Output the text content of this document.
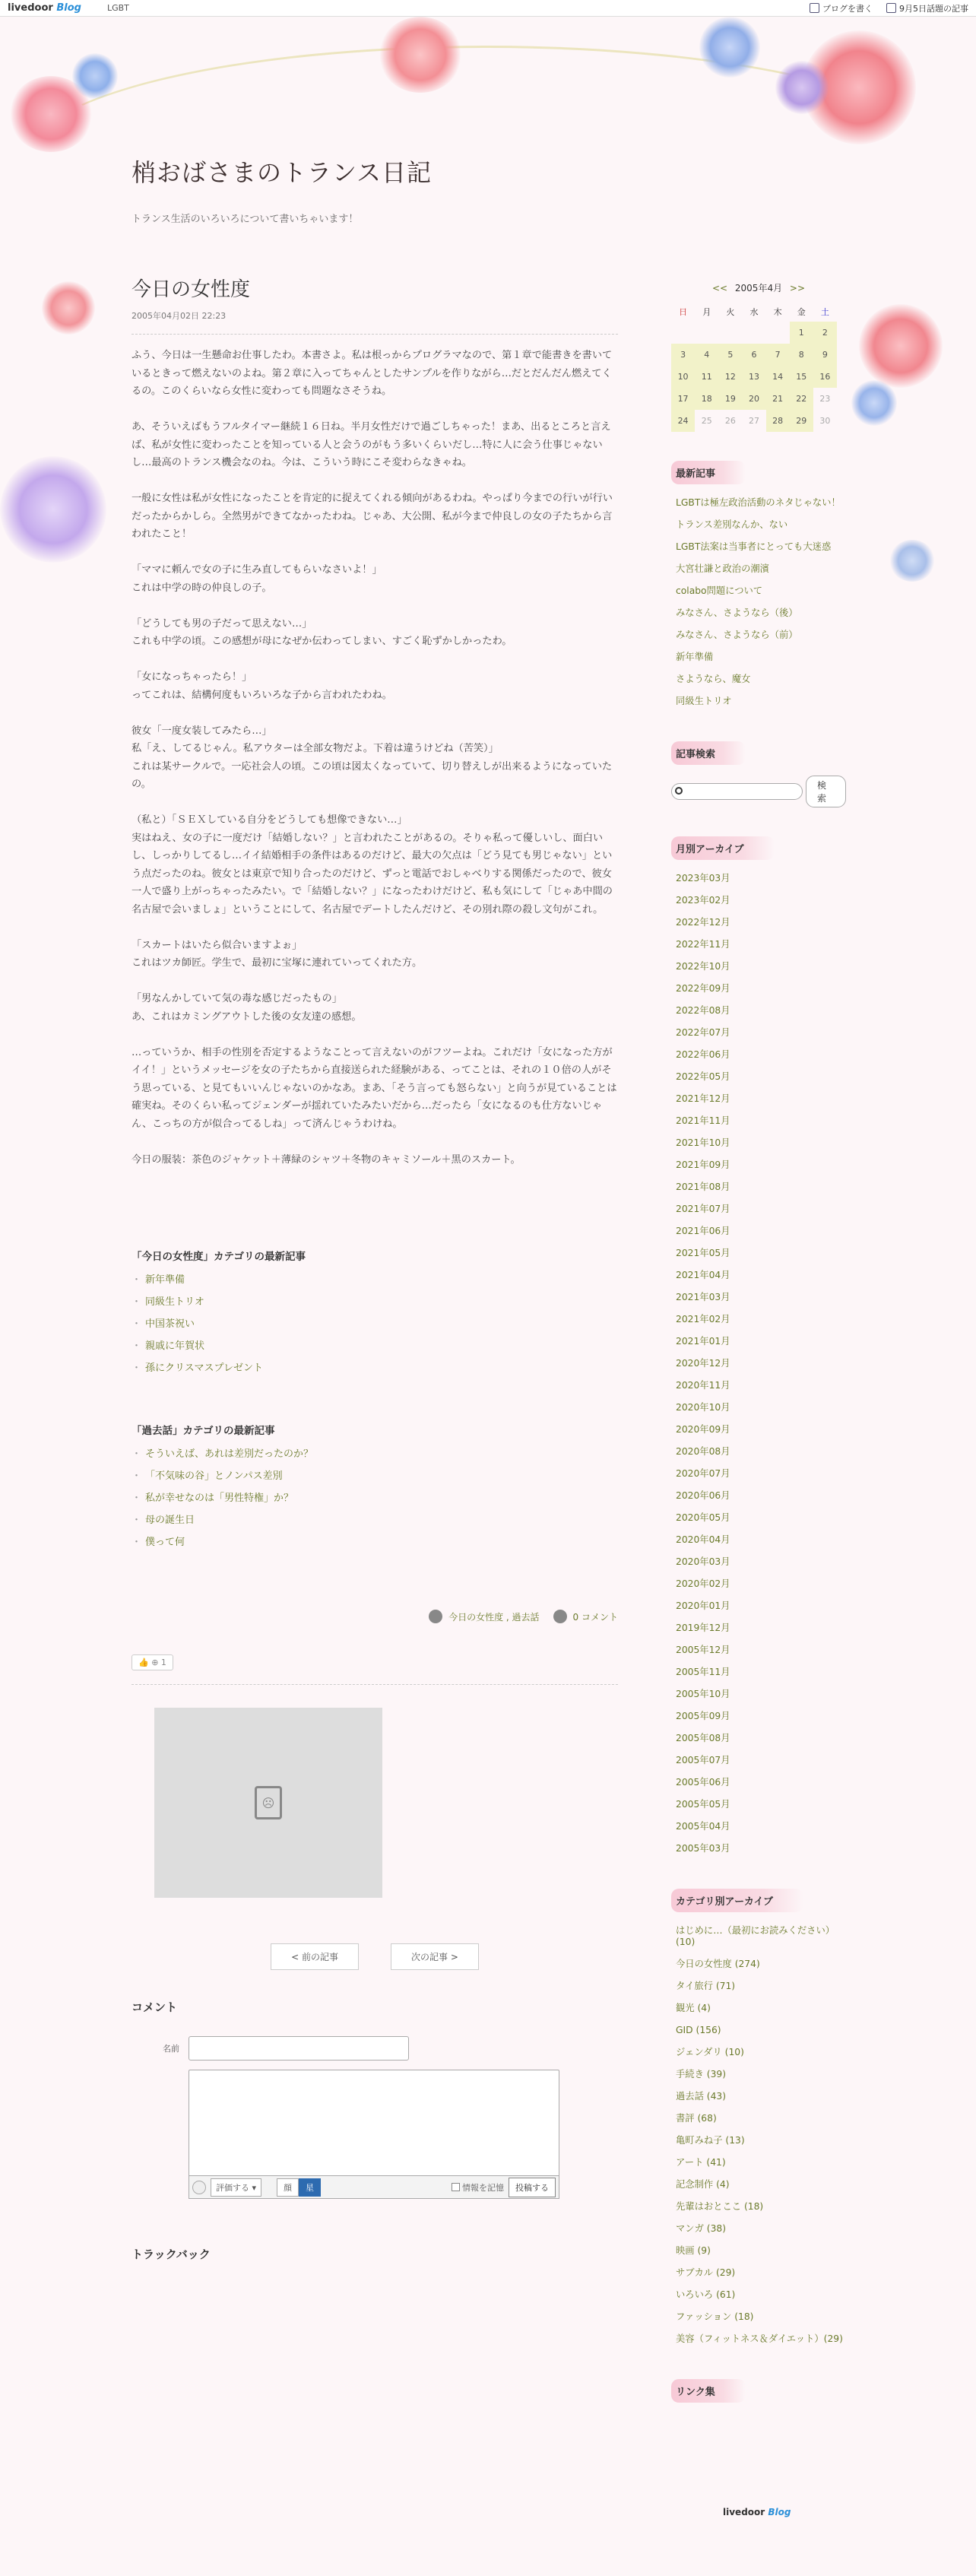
livedoor Blog	LGBT	ブログを書く	9月5日話題の記事
梢おばさまのトランス日記
トランス生活のいろいろについて書いちゃいます！
今日の女性度
2005年04月02日 22:23

ふう、今日は一生懸命お仕事したわ。本書さよ。私は根っからプログラマなので、第１章で能書きを書いているときって燃えないのよね。第２章に入ってちゃんとしたサンプルを作りながら…だとだんだん燃えてくるの。このくらいなら女性に変わっても問題なさそうね。

あ、そういえばもうフルタイマー継続１６日ね。半月女性だけで過ごしちゃった！まあ、出るところと言えば、私が女性に変わったことを知っている人と会うのがもう多いくらいだし…特に人に会う仕事じゃないし…最高のトランス機会なのね。今は、こういう時にこそ変わらなきゃね。

一般に女性は私が女性になったことを肯定的に捉えてくれる傾向があるわね。やっぱり今までの行いが行いだったからかしら。全然男ができてなかったわね。じゃあ、大公開、私が今まで仲良しの女の子たちから言われたこと！

「ママに頼んで女の子に生み直してもらいなさいよ！」
これは中学の時の仲良しの子。

「どうしても男の子だって思えない…」
これも中学の頃。この感想が母になぜか伝わってしまい、すごく恥ずかしかったわ。

「女になっちゃったら！」
ってこれは、結構何度もいろいろな子から言われたわね。

彼女「一度女装してみたら…」
私「え、してるじゃん。私アウターは全部女物だよ。下着は違うけどね（苦笑）」
これは某サークルで。一応社会人の頃。この頃は図太くなっていて、切り替えしが出来るようになっていたの。

（私と）「ＳＥＸしている自分をどうしても想像できない…」
実はねえ、女の子に一度だけ「結婚しない？」と言われたことがあるの。そりゃ私って優しいし、面白いし、しっかりしてるし…イイ結婚相手の条件はあるのだけど、最大の欠点は「どう見ても男じゃない」という点だったのね。彼女とは東京で知り合ったのだけど、ずっと電話でおしゃべりする関係だったので、彼女一人で盛り上がっちゃったみたい。で「結婚しない？」になったわけだけど、私も気にして「じゃあ中間の名古屋で会いましょ」ということにして、名古屋でデートしたんだけど、その別れ際の殺し文句がこれ。

「スカートはいたら似合いますよぉ」
これはツカ師匠。学生で、最初に宝塚に連れていってくれた方。

「男なんかしていて気の毒な感じだったもの」
あ、これはカミングアウトした後の女友達の感想。

…っていうか、相手の性別を否定するようなことって言えないのがフツーよね。これだけ「女になった方がイイ！」というメッセージを女の子たちから直接送られた経験がある、ってことは、それの１０倍の人がそう思っている、と見てもいいんじゃないのかなあ。まあ、「そう言っても怒らない」と向うが見ていることは確実ね。そのくらい私ってジェンダーが揺れていたみたいだから…だったら「女になるのも仕方ないじゃん、こっちの方が似合ってるしね」って済んじゃうわけね。

今日の服装：茶色のジャケット＋薄緑のシャツ＋冬物のキャミソール＋黒のスカート。

「今日の女性度」カテゴリの最新記事
・ 新年準備
・ 同級生トリオ
・ 中国茶祝い
・ 親戚に年賀状
・ 孫にクリスマスプレゼント
「過去話」カテゴリの最新記事
・ そういえば、あれは差別だったのか？
・ 「不気味の谷」とノンパス差別
・ 私が幸せなのは「男性特権」か？
・ 母の誕生日
・ 僕って何
今日の女性度 , 過去話	0 コメント
👍 ⊕ 1
☹
< 前の記事	次の記事 >
コメント
名前
評価する ▾	顔	星	情報を記憶	投稿する
トラックバック
<< 2005年4月 >>
日	月	火	水	木	金	土
					1	2
3	4	5	6	7	8	9
10	11	12	13	14	15	16
17	18	19	20	21	22	23
24	25	26	27	28	29	30
最新記事
LGBTは極左政治活動のネタじゃない！
トランス差別なんか、ない
LGBT法案は当事者にとっても大迷惑
大宮壮謙と政治の潮濱
colabo問題について
みなさん、さようなら（後）
みなさん、さようなら（前）
新年準備
さようなら、魔女
同級生トリオ
記事検索
検索
月別アーカイブ
2023年03月
2023年02月
2022年12月
2022年11月
2022年10月
2022年09月
2022年08月
2022年07月
2022年06月
2022年05月
2021年12月
2021年11月
2021年10月
2021年09月
2021年08月
2021年07月
2021年06月
2021年05月
2021年04月
2021年03月
2021年02月
2021年01月
2020年12月
2020年11月
2020年10月
2020年09月
2020年08月
2020年07月
2020年06月
2020年05月
2020年04月
2020年03月
2020年02月
2020年01月
2019年12月
2005年12月
2005年11月
2005年10月
2005年09月
2005年08月
2005年07月
2005年06月
2005年05月
2005年04月
2005年03月
カテゴリ別アーカイブ
はじめに…（最初にお読みください）(10)
今日の女性度 (274)
タイ旅行 (71)
観光 (4)
GID (156)
ジェンダリ (10)
手続き (39)
過去話 (43)
書評 (68)
亀町みね子 (13)
アート (41)
記念制作 (4)
先輩はおとここ (18)
マンガ (38)
映画 (9)
サブカル (29)
いろいろ (61)
ファッション (18)
美容（フィットネス＆ダイエット）(29)
リンク集
livedoor Blog
